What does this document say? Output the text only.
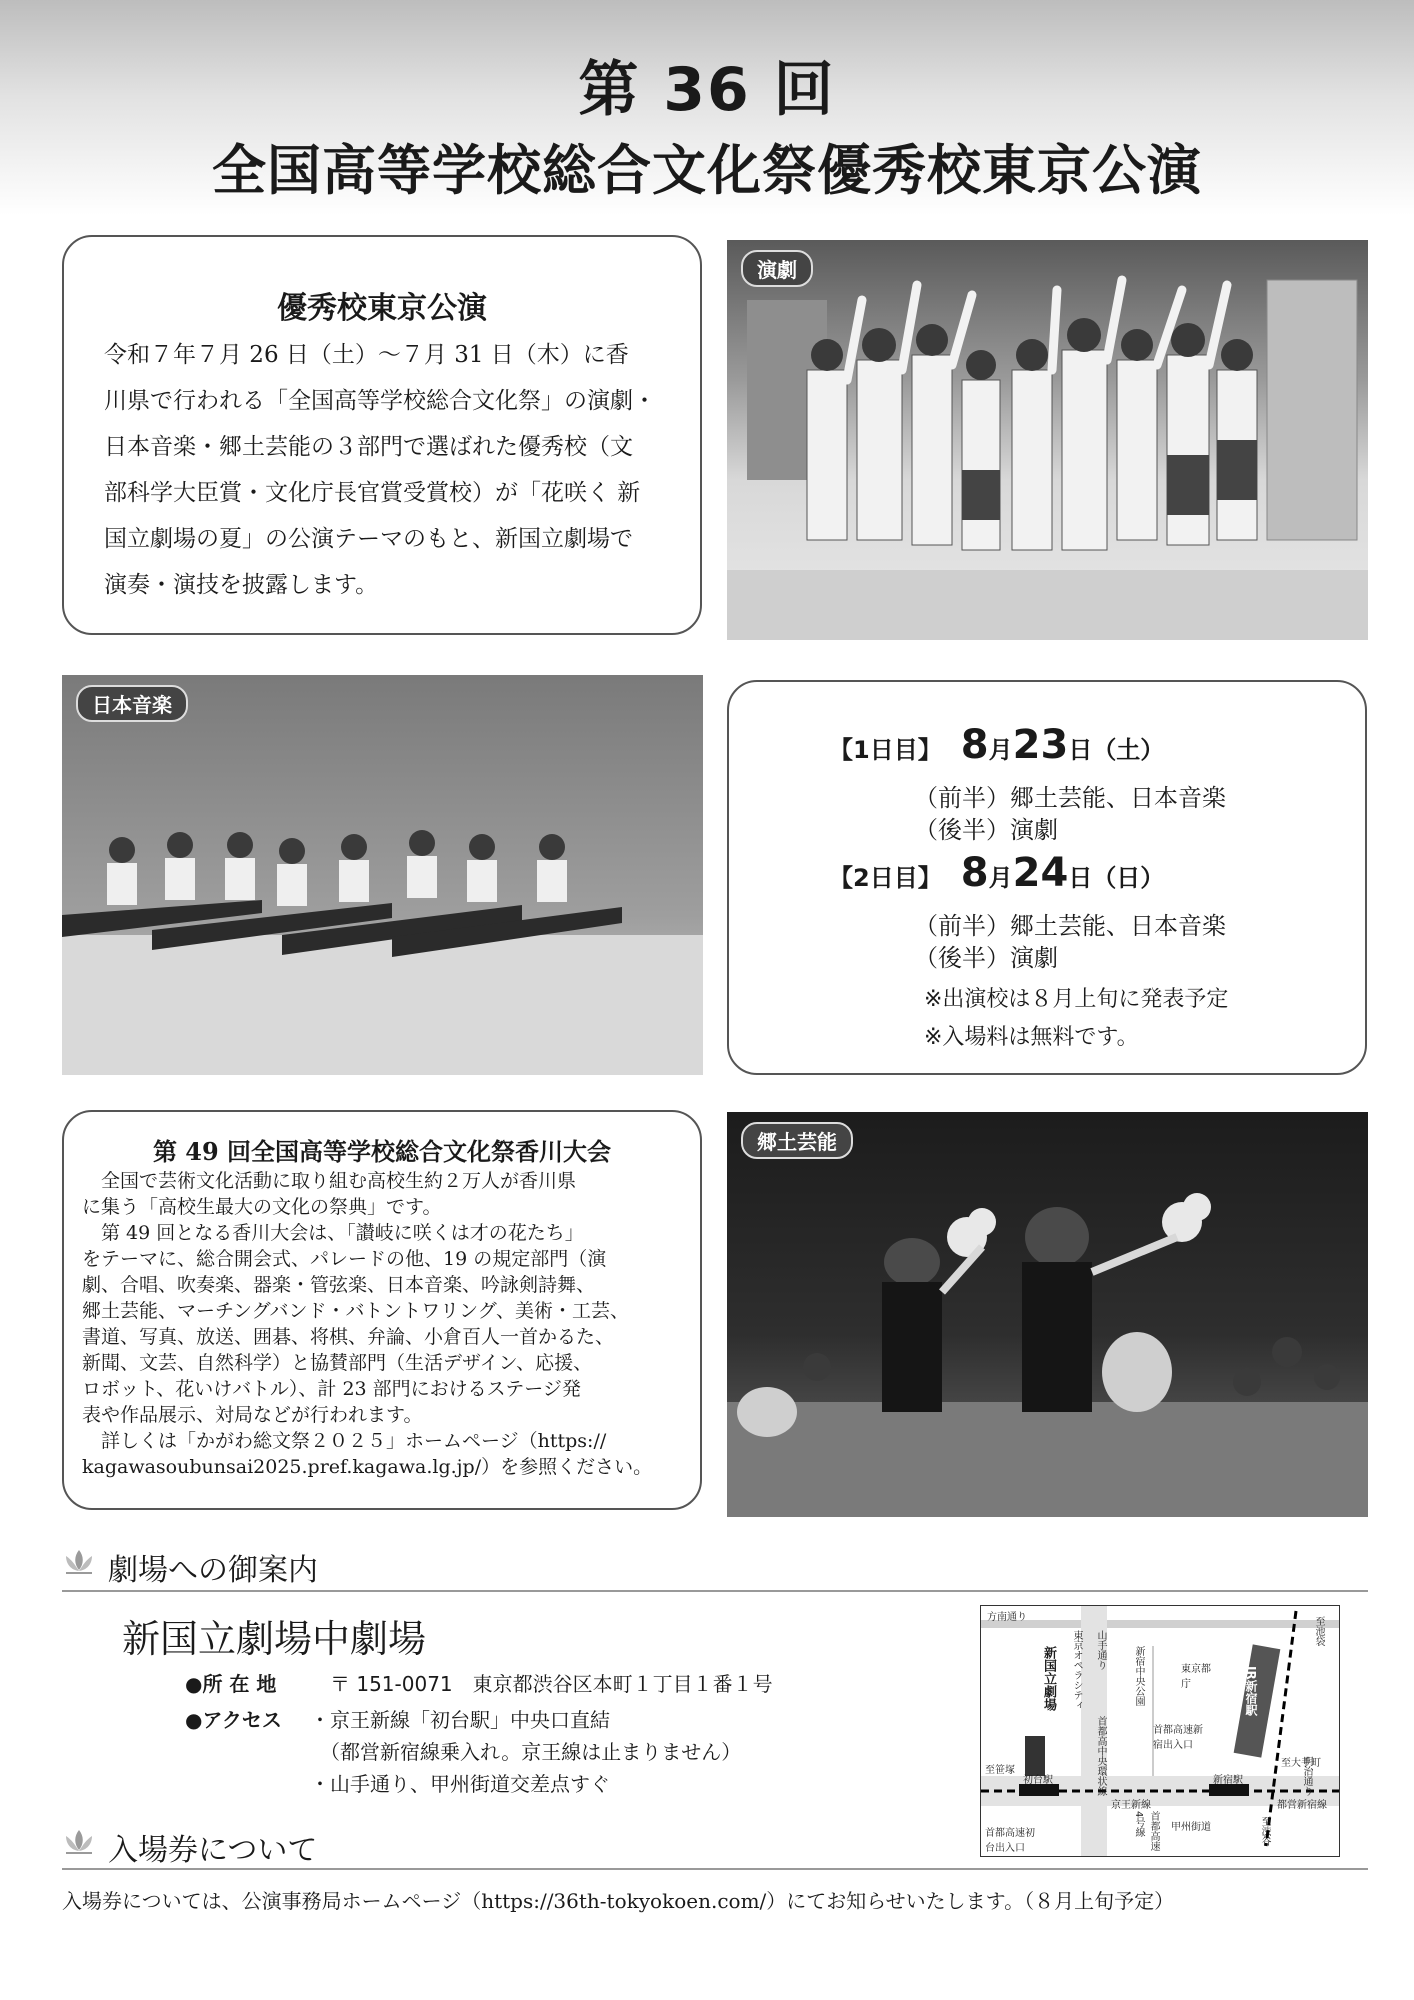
第 36 回
全国高等学校総合文化祭優秀校東京公演
優秀校東京公演
令和７年７月 26 日（土）～７月 31 日（木）に香
川県で行われる「全国高等学校総合文化祭」の演劇・
日本音楽・郷土芸能の３部門で選ばれた優秀校（文
部科学大臣賞・文化庁長官賞受賞校）が「花咲く 新
国立劇場の夏」の公演テーマのもと、新国立劇場で
演奏・演技を披露します。
演劇
日本音楽
【1日目】 8月23日（土）
（前半）郷土芸能、日本音楽
（後半）演劇
【2日目】 8月24日（日）
（前半）郷土芸能、日本音楽
（後半）演劇
※出演校は８月上旬に発表予定
※入場料は無料です。
第 49 回全国高等学校総合文化祭香川大会
　全国で芸術文化活動に取り組む高校生約２万人が香川県
に集う「高校生最大の文化の祭典」です。
　第 49 回となる香川大会は、「讃岐に咲くは才の花たち」
をテーマに、総合開会式、パレードの他、19 の規定部門（演
劇、合唱、吹奏楽、器楽・管弦楽、日本音楽、吟詠剣詩舞、
郷土芸能、マーチングバンド・バトントワリング、美術・工芸、
書道、写真、放送、囲碁、将棋、弁論、小倉百人一首かるた、
新聞、文芸、自然科学）と協賛部門（生活デザイン、応援、
ロボット、花いけバトル）、計 23 部門におけるステージ発
表や作品展示、対局などが行われます。
　詳しくは「かがわ総文祭２０２５」ホームページ（https://
kagawasoubunsai2025.pref.kagawa.lg.jp/）を参照ください。
郷土芸能
劇場への御案内
新国立劇場中劇場
●所 在 地	〒 151-0071　東京都渋谷区本町１丁目１番１号
●アクセス ・京王新線「初台駅」中央口直結
（都営新宿線乗入れ。京王線は止まりません）
・山手通り、甲州街道交差点すぐ
方南通り
東京オペラシティ
新国立劇場	山手通り
首都高中央環状線
新宿中央公園	東京都庁
首都高速新宿出入口
JR新宿駅
京王新線
初台駅	新宿駅
都営新宿線
甲州街道
首都高速初台出入口	首都高速4号線
明治通り
至笹塚
至池袋
至大手町
至渋谷
入場券について
入場券については、公演事務局ホームページ（https://36th-tokyokoen.com/）にてお知らせいたします。（８月上旬予定）
